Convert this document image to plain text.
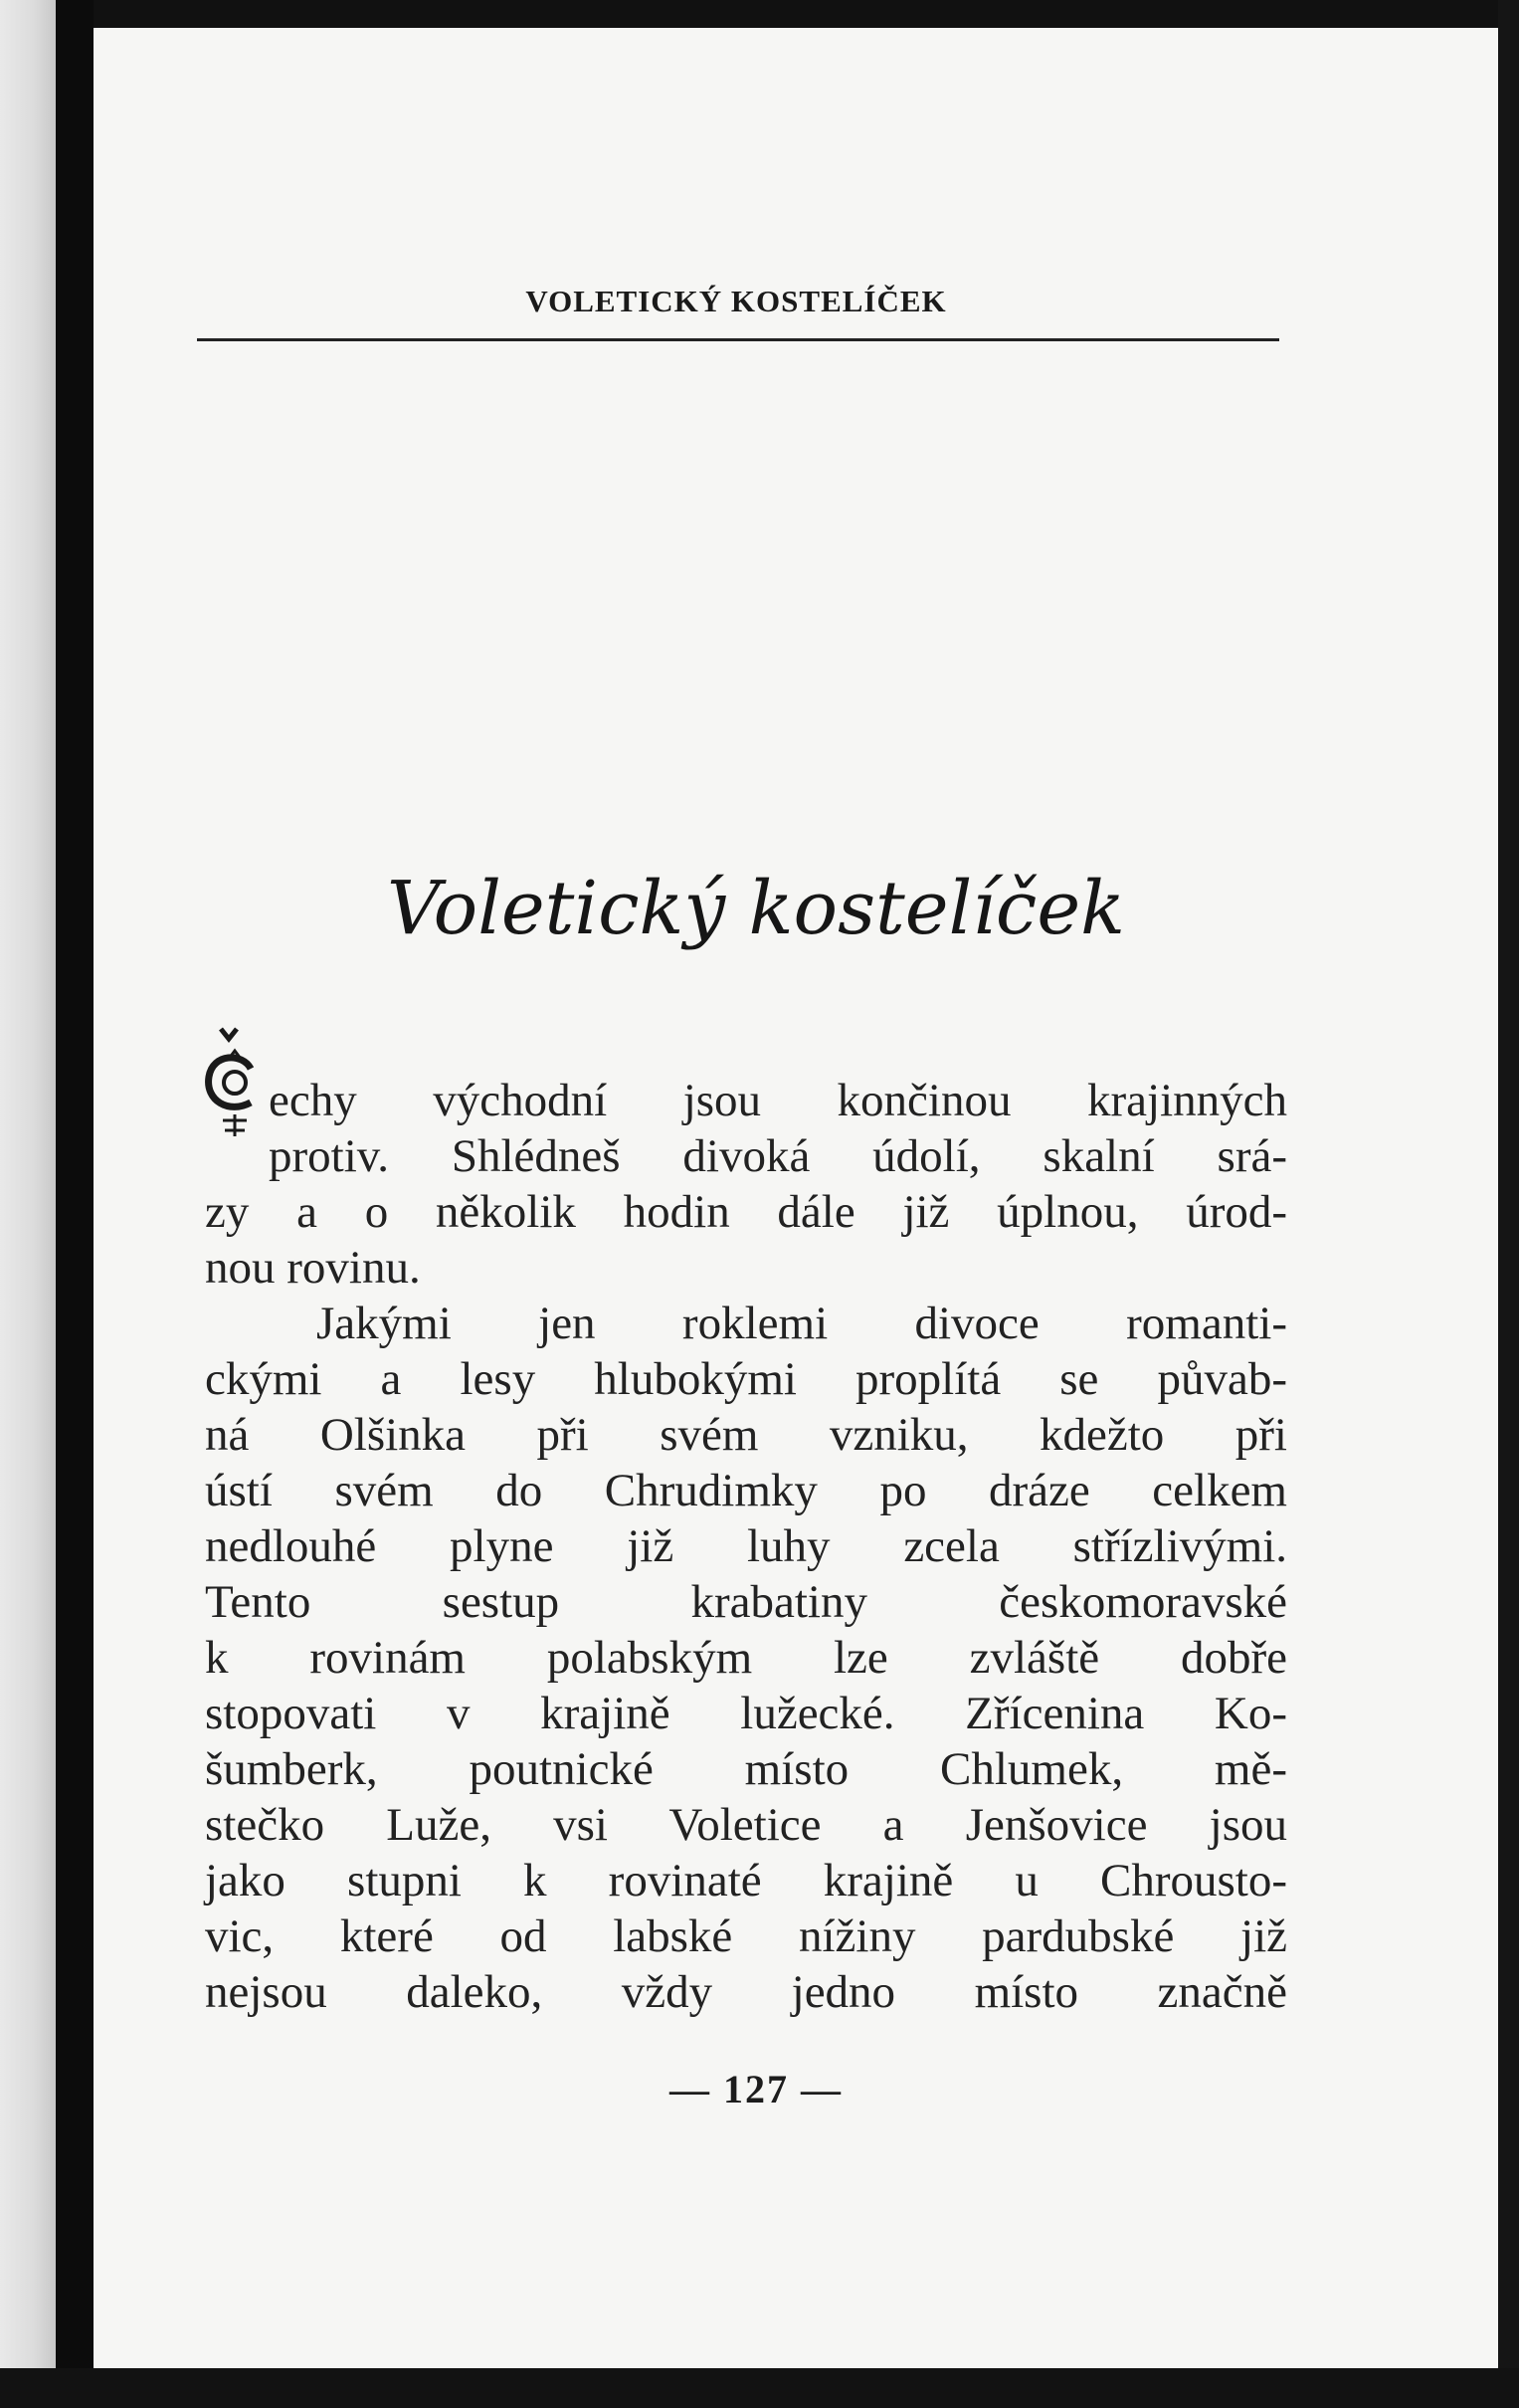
VOLETICKÝ KOSTELÍČEK
Voletický kostelíček
echy východní jsou končinou krajinných
protiv. Shlédneš divoká údolí, skalní srá-
zy a o několik hodin dále již úplnou, úrod-
nou rovinu.
Jakými jen roklemi divoce romanti-
ckými a lesy hlubokými proplítá se půvab-
ná Olšinka při svém vzniku, kdežto při
ústí svém do Chrudimky po dráze celkem
nedlouhé plyne již luhy zcela střízlivými.
Tento sestup krabatiny českomoravské
k rovinám polabským lze zvláště dobře
stopovati v krajině lužecké. Zřícenina Ko-
šumberk, poutnické místo Chlumek, mě-
stečko Luže, vsi Voletice a Jenšovice jsou
jako stupni k rovinaté krajině u Chrousto-
vic, které od labské nížiny pardubské již
nejsou daleko, vždy jedno místo značně
— 127 —
